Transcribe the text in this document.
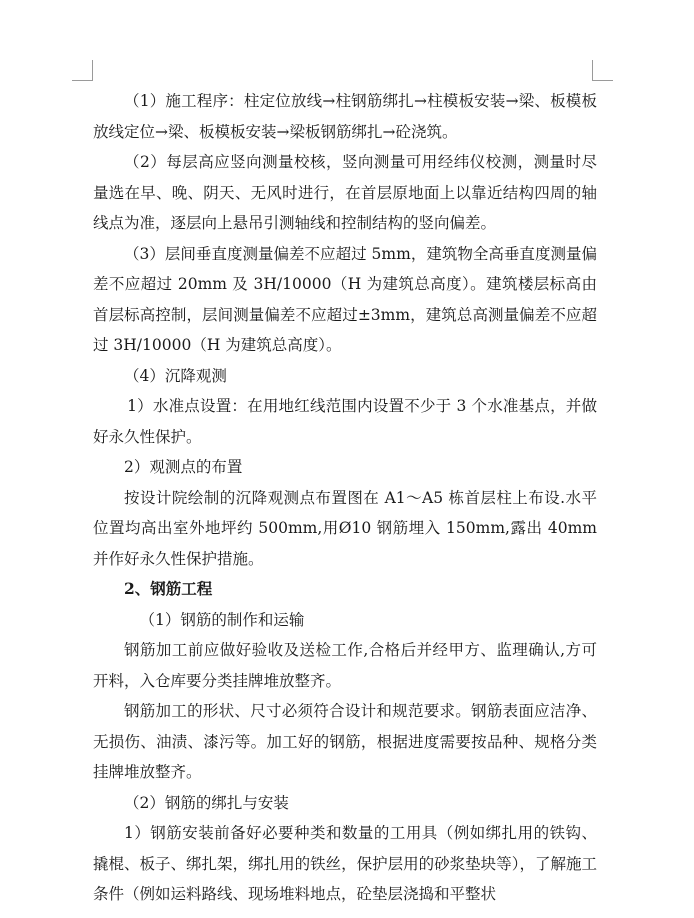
（1）施工程序：柱定位放线→柱钢筋绑扎→柱模板安装→梁、板模板放线定位→梁、板模板安装→梁板钢筋绑扎→砼浇筑。

（2）每层高应竖向测量校核，竖向测量可用经纬仪校测，测量时尽量选在早、晚、阴天、无风时进行，在首层原地面上以靠近结构四周的轴线点为准，逐层向上悬吊引测轴线和控制结构的竖向偏差。

（3）层间垂直度测量偏差不应超过 5mm，建筑物全高垂直度测量偏差不应超过 20mm 及 3H/10000（H 为建筑总高度）。建筑楼层标高由首层标高控制，层间测量偏差不应超过±3mm，建筑总高测量偏差不应超过 3H/10000（H 为建筑总高度）。

（4）沉降观测

1）水准点设置：在用地红线范围内设置不少于 3 个水准基点，并做好永久性保护。

2）观测点的布置

按设计院绘制的沉降观测点布置图在 A1～A5 栋首层柱上布设.水平位置均高出室外地坪约 500mm,用Ø10 钢筋埋入 150mm,露出 40mm 并作好永久性保护措施。

2、钢筋工程

（1）钢筋的制作和运输

钢筋加工前应做好验收及送检工作,合格后并经甲方、监理确认,方可开料，入仓库要分类挂牌堆放整齐。

钢筋加工的形状、尺寸必须符合设计和规范要求。钢筋表面应洁净、无损伤、油渍、漆污等。加工好的钢筋，根据进度需要按品种、规格分类挂牌堆放整齐。

（2）钢筋的绑扎与安装

1）钢筋安装前备好必要种类和数量的工用具（例如绑扎用的铁钩、撬棍、板子、绑扎架，绑扎用的铁丝，保护层用的砂浆垫块等），了解施工条件（例如运料路线、现场堆料地点，砼垫层浇捣和平整状
